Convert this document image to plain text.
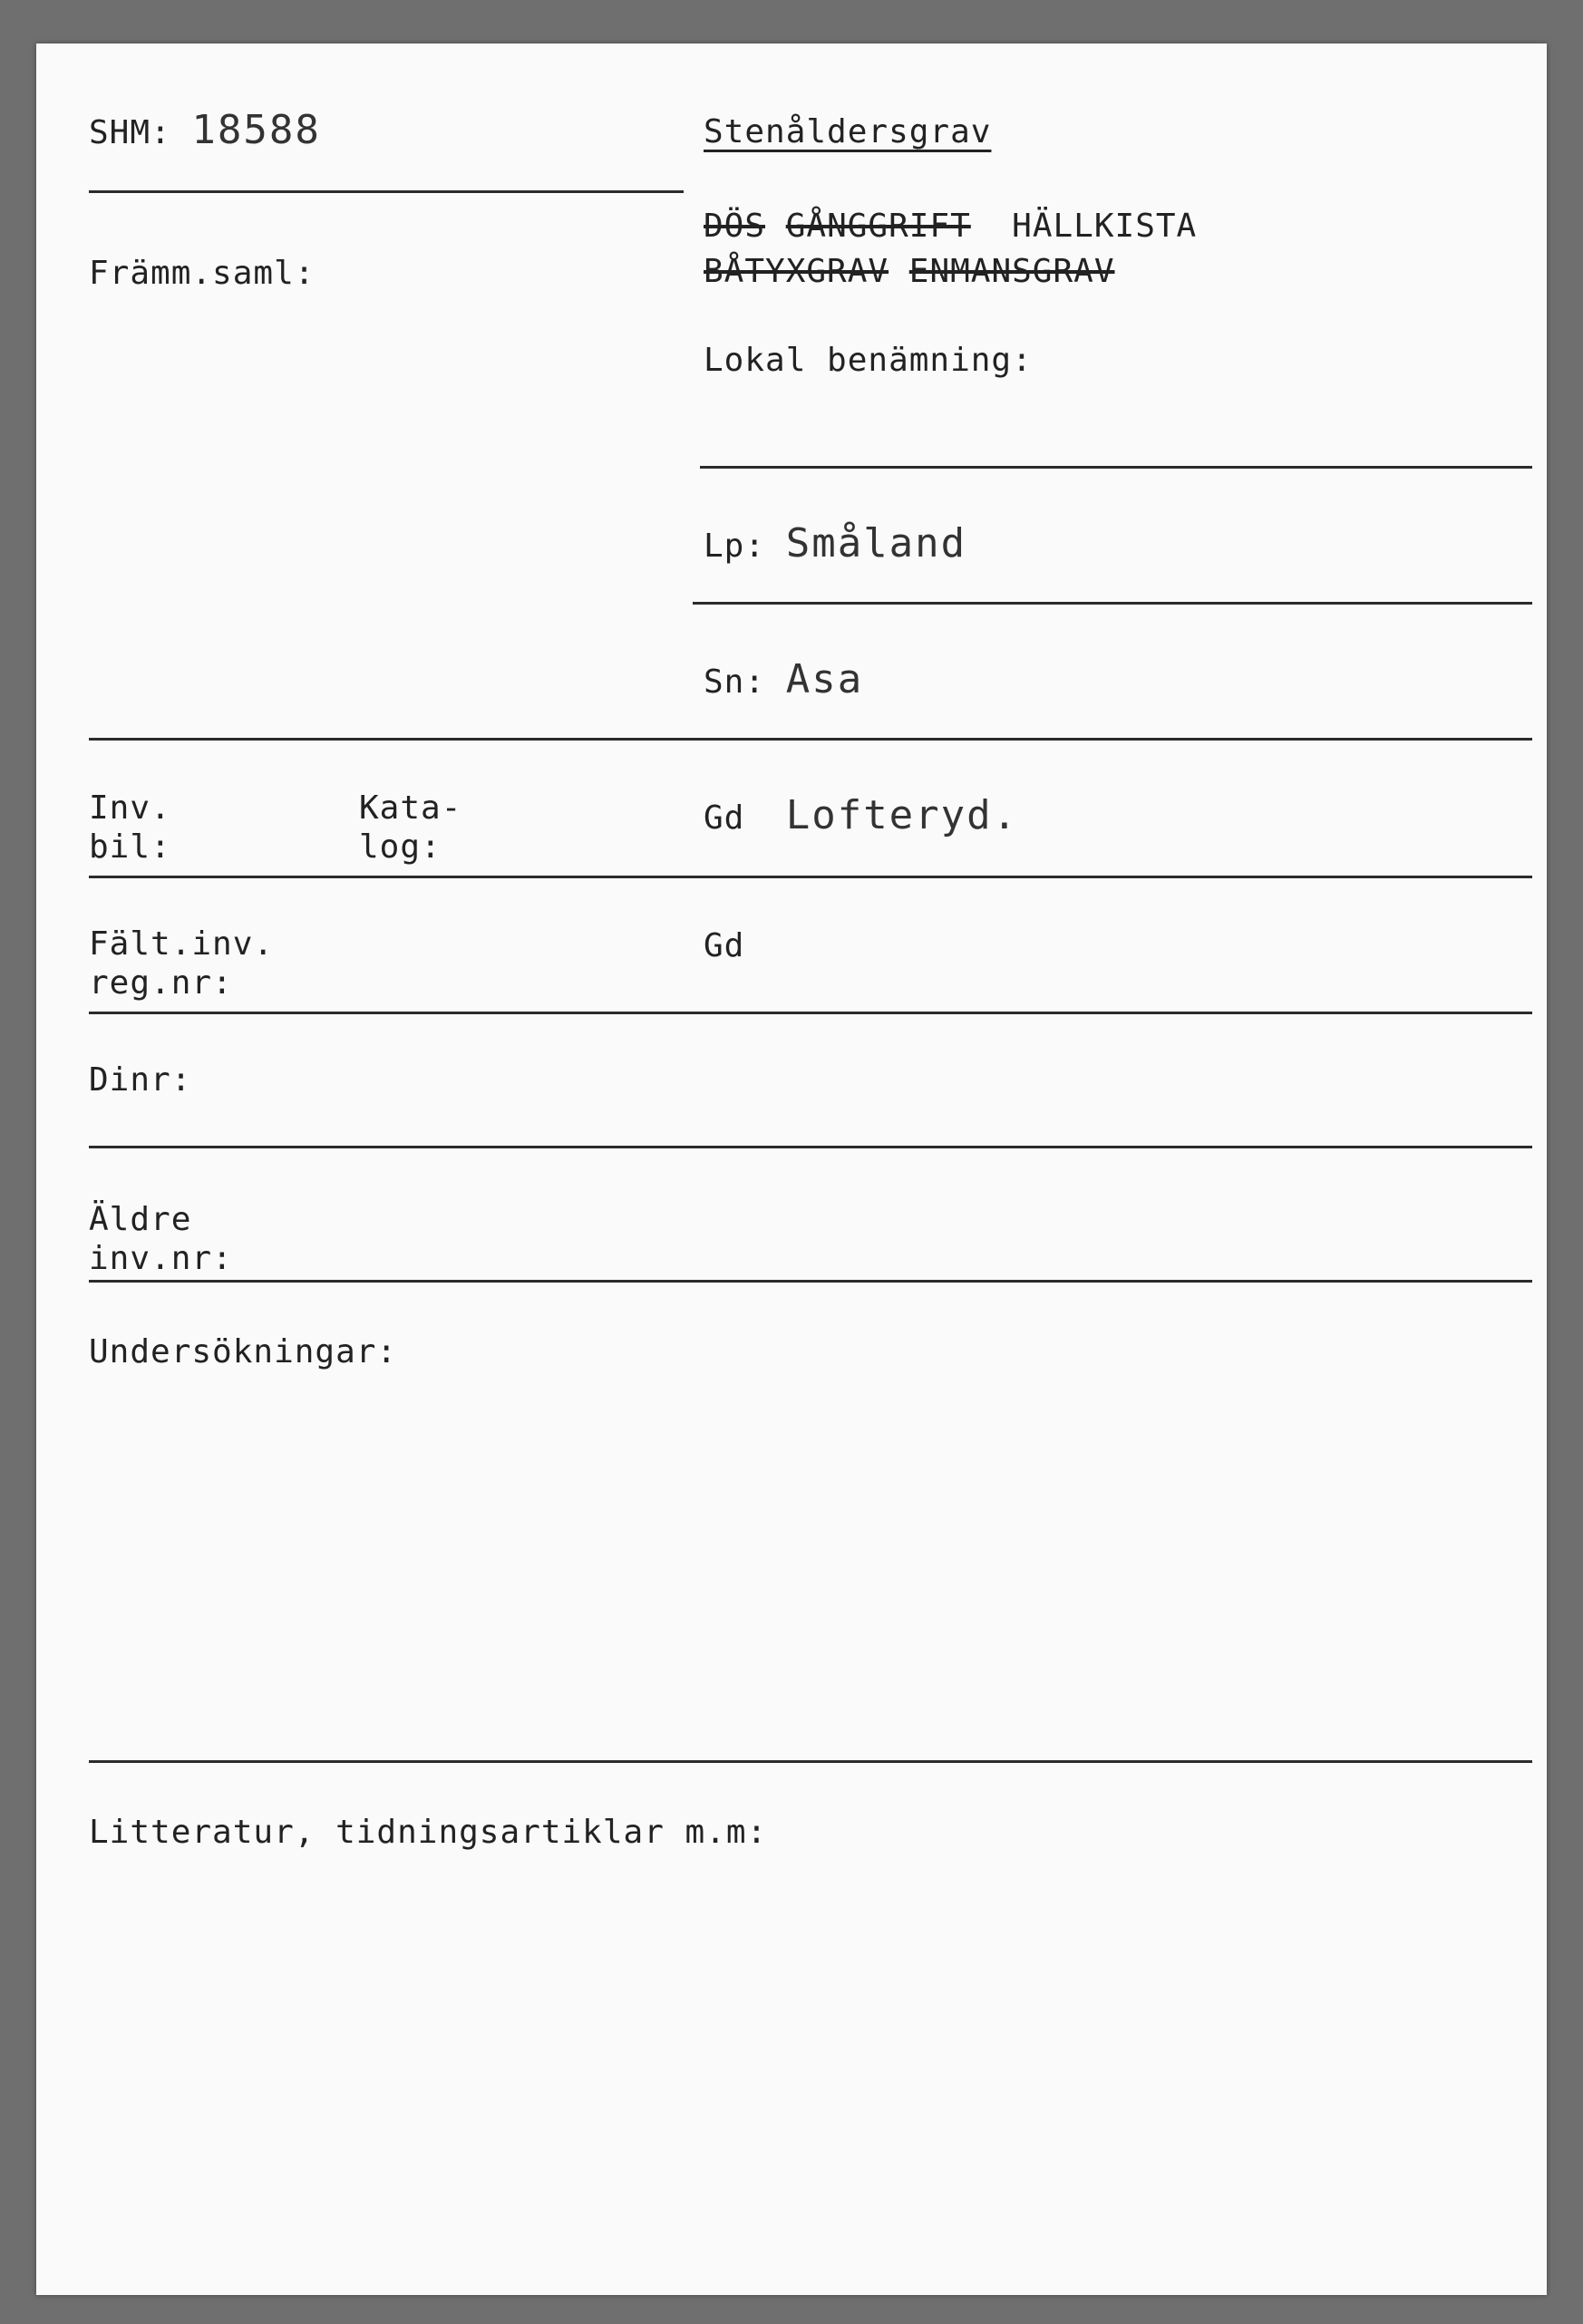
SHM: 18588
Främm.saml:
Stenåldersgrav
DÖS GÅNGGRIFT HÄLLKISTA
BÅTYXGRAV ENMANSGRAV
Lokal benämning:
Lp: Småland
Sn: Asa
Inv.
bil:
Kata-
log:
Gd Lofteryd.
Fält.inv.
reg.nr:
Gd
Dinr:
Äldre
inv.nr:
Undersökningar:
Litteratur, tidningsartiklar m.m:
